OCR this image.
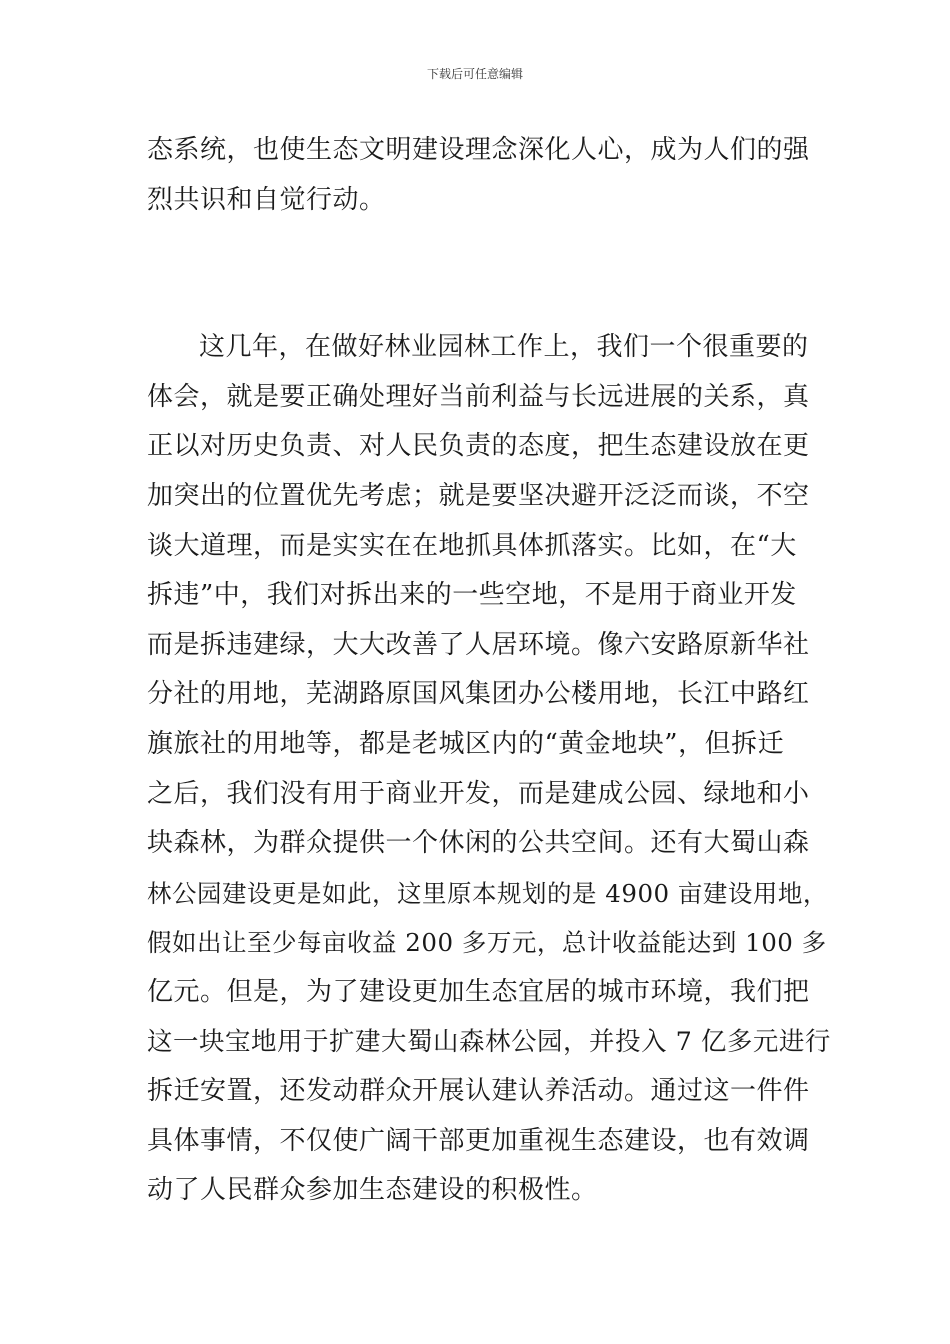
下载后可任意编辑
态系统，也使生态文明建设理念深化人心，成为人们的强
烈共识和自觉行动。
这几年，在做好林业园林工作上，我们一个很重要的
体会，就是要正确处理好当前利益与长远进展的关系，真
正以对历史负责、对人民负责的态度，把生态建设放在更
加突出的位置优先考虑；就是要坚决避开泛泛而谈，不空
谈大道理，而是实实在在地抓具体抓落实。比如，在“大
拆违”中，我们对拆出来的一些空地，不是用于商业开发
而是拆违建绿，大大改善了人居环境。像六安路原新华社
分社的用地，芜湖路原国风集团办公楼用地，长江中路红
旗旅社的用地等，都是老城区内的“黄金地块”，但拆迁
之后，我们没有用于商业开发，而是建成公园、绿地和小
块森林，为群众提供一个休闲的公共空间。还有大蜀山森
林公园建设更是如此，这里原本规划的是 4900 亩建设用地，
假如出让至少每亩收益 200 多万元，总计收益能达到 100 多
亿元。但是，为了建设更加生态宜居的城市环境，我们把
这一块宝地用于扩建大蜀山森林公园，并投入 7 亿多元进行
拆迁安置，还发动群众开展认建认养活动。通过这一件件
具体事情，不仅使广阔干部更加重视生态建设，也有效调
动了人民群众参加生态建设的积极性。
